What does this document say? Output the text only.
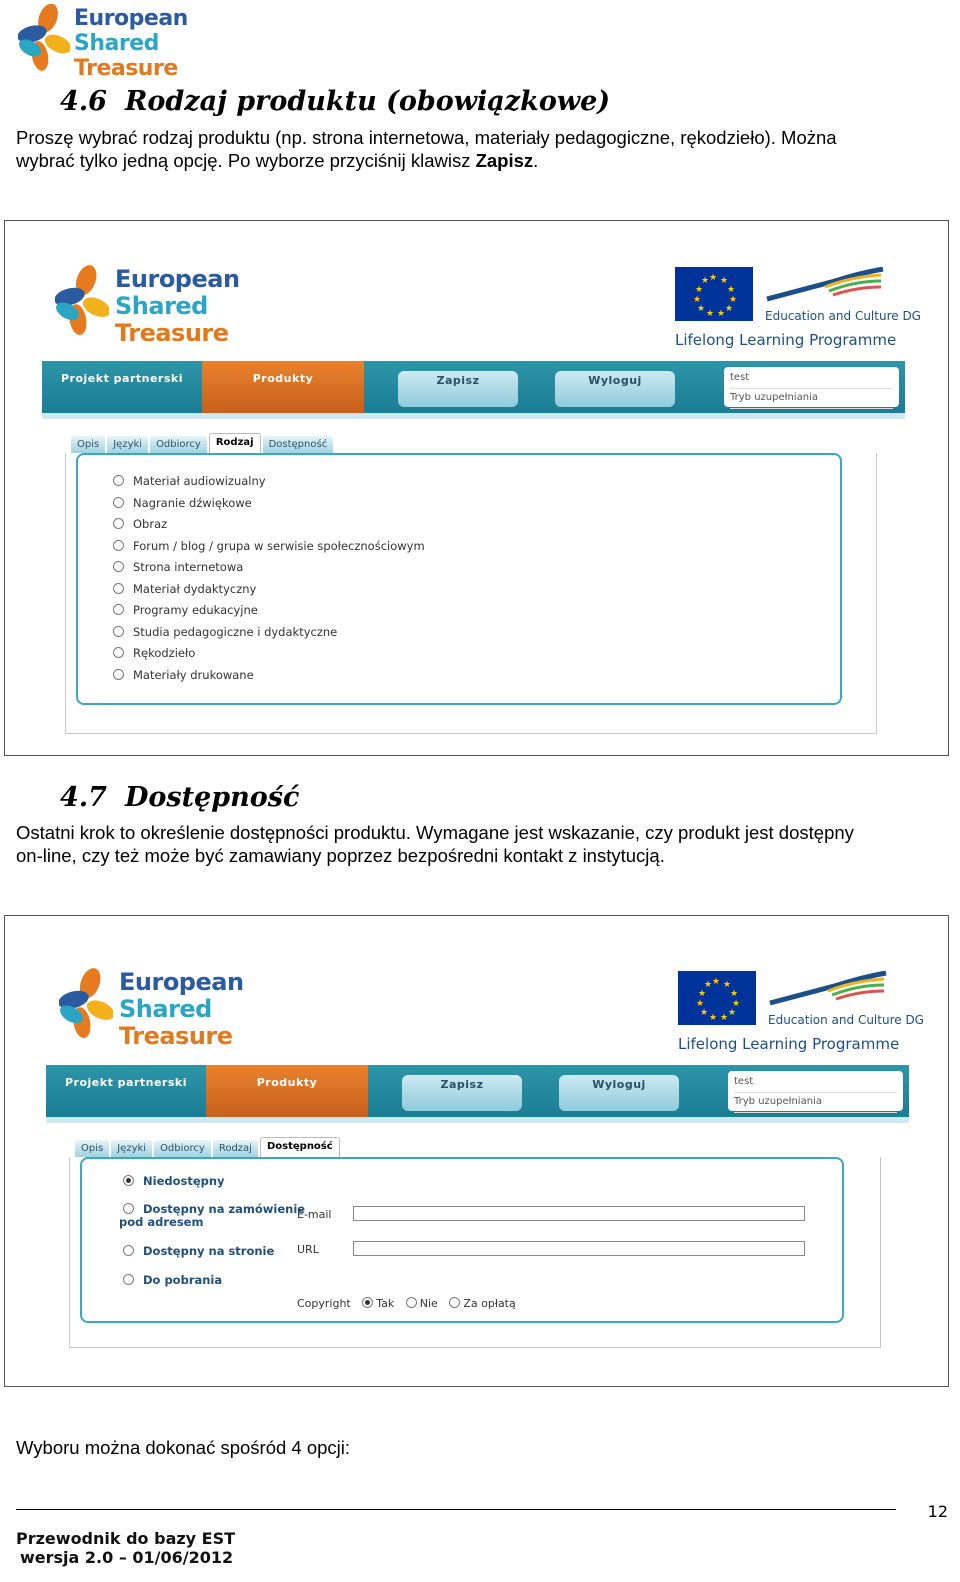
European
Shared
Treasure
4.6 Rodzaj produktu (obowiązkowe)
Proszę wybrać rodzaj produktu (np. strona internetowa, materiały pedagogiczne, rękodzieło). Można
wybrać tylko jedną opcję. Po wyborze przyciśnij klawisz Zapisz.
European
Shared
Treasure
★ ★
★
★
★
★
★
★
★
★
★
Education and Culture DG
Lifelong Learning Programme
Projekt partnerski	Produkty	Zapisz	Wyloguj	test
Tryb uzupełniania
Opis	Języki	Odbiorcy	Rodzaj	Dostępność
Materiał audiowizualny
Nagranie dźwiękowe
Obraz
Forum / blog / grupa w serwisie społecznościowym
Strona internetowa
Materiał dydaktyczny
Programy edukacyjne
Studia pedagogiczne i dydaktyczne
Rękodzieło
Materiały drukowane
4.7 Dostępność
Ostatni krok to określenie dostępności produktu. Wymagane jest wskazanie, czy produkt jest dostępny
on-line, czy też może być zamawiany poprzez bezpośredni kontakt z instytucją.
European
Shared
Treasure
★ ★
★
★
★
★
★
★
★
★
★
Education and Culture DG
Lifelong Learning Programme
Projekt partnerski	Produkty	Zapisz	Wyloguj	test
Tryb uzupełniania
Opis	Języki	Odbiorcy	Rodzaj	Dostępność
Niedostępny
Dostępny na zamówienie
pod adresem
E-mail
Dostępny na stronie URL
Do pobrania
Copyright Tak Nie Za opłatą
Wyboru można dokonać spośród 4 opcji:
12
Przewodnik do bazy EST
wersja 2.0 – 01/06/2012
